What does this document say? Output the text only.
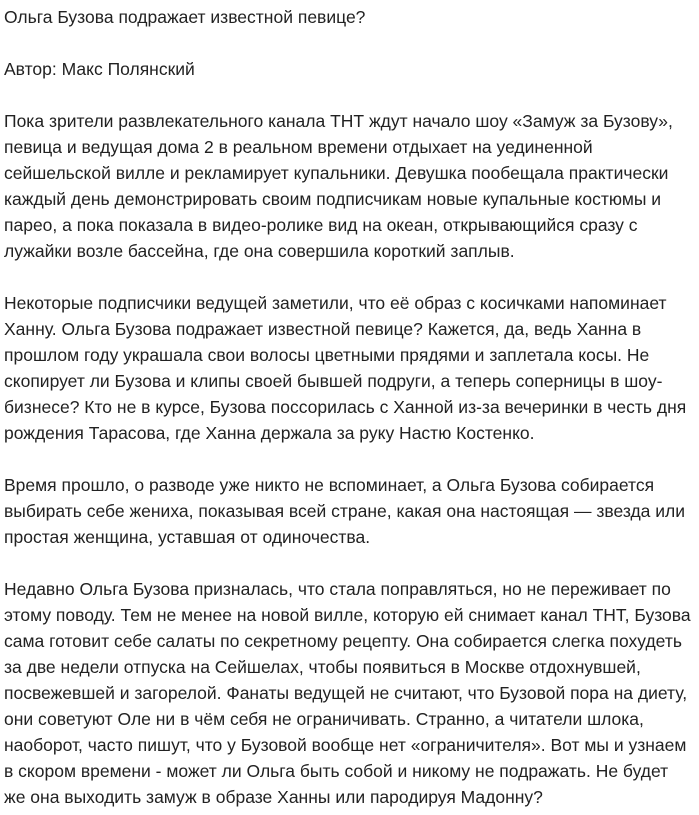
Ольга Бузова подражает известной певице?

Автор: Макс Полянский

Пока зрители развлекательного канала ТНТ ждут начало шоу «Замуж за Бузову», певица и ведущая дома 2 в реальном времени отдыхает на уединенной сейшельской вилле и рекламирует купальники. Девушка пообещала практически каждый день демонстрировать своим подписчикам новые купальные костюмы и парео, а пока показала в видео-ролике вид на океан, открывающийся сразу с лужайки возле бассейна, где она совершила короткий заплыв.

Некоторые подписчики ведущей заметили, что её образ с косичками напоминает Ханну. Ольга Бузова подражает известной певице? Кажется, да, ведь Ханна в прошлом году украшала свои волосы цветными прядями и заплетала косы. Не скопирует ли Бузова и клипы своей бывшей подруги, а теперь соперницы в шоу-бизнесе? Кто не в курсе, Бузова поссорилась с Ханной из-за вечеринки в честь дня рождения Тарасова, где Ханна держала за руку Настю Костенко.

Время прошло, о разводе уже никто не вспоминает, а Ольга Бузова собирается выбирать себе жениха, показывая всей стране, какая она настоящая — звезда или простая женщина, уставшая от одиночества.

Недавно Ольга Бузова призналась, что стала поправляться, но не переживает по этому поводу. Тем не менее на новой вилле, которую ей снимает канал ТНТ, Бузова сама готовит себе салаты по секретному рецепту. Она собирается слегка похудеть за две недели отпуска на Сейшелах, чтобы появиться в Москве отдохнувшей, посвежевшей и загорелой. Фанаты ведущей не считают, что Бузовой пора на диету, они советуют Оле ни в чём себя не ограничивать. Странно, а читатели шлока, наоборот, часто пишут, что у Бузовой вообще нет «ограничителя». Вот мы и узнаем в скором времени - может ли Ольга быть собой и никому не подражать. Не будет же она выходить замуж в образе Ханны или пародируя Мадонну?
